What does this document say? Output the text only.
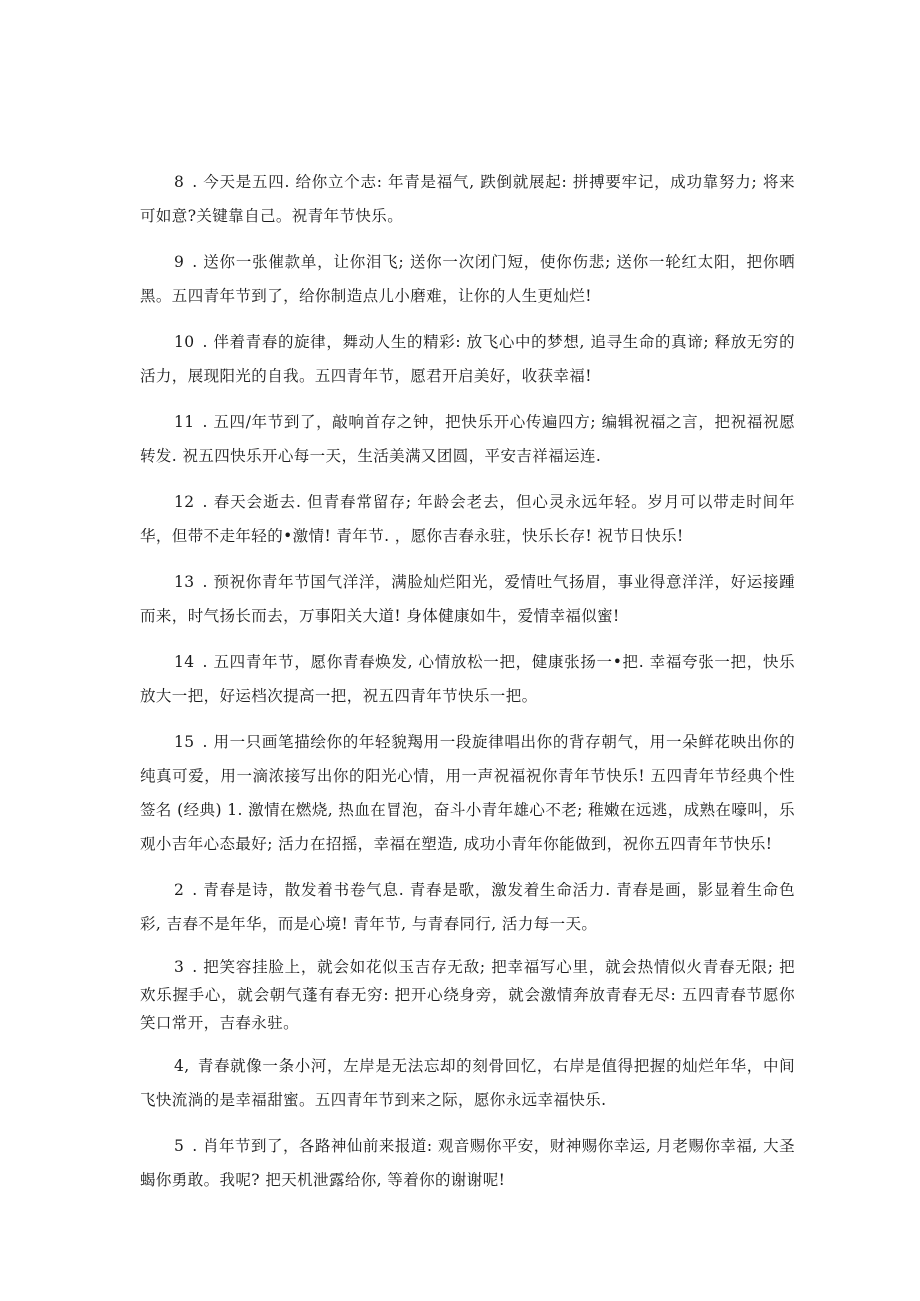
8 . 今天是五四. 给你立个志: 年青是福气, 跌倒就展起: 拼搏要牢记，成功靠努力; 将来可如意?关键靠自己。祝青年节快乐。

9 . 送你一张催款单，让你泪飞; 送你一次闭门短，使你伤悲; 送你一轮红太阳，把你晒黑。五四青年节到了，给你制造点儿小磨难，让你的人生更灿烂!

10 . 伴着青春的旋律，舞动人生的精彩: 放飞心中的梦想, 追寻生命的真谛; 释放无穷的活力，展现阳光的自我。五四青年节，愿君开启美好，收获幸福!

11 . 五四/年节到了，敲响首存之钟，把快乐开心传遍四方; 编辑祝福之言，把祝福祝愿转发. 祝五四快乐开心每一天，生活美满又团圆，平安吉祥福运连.

12 . 春天会逝去. 但青春常留存; 年龄会老去，但心灵永远年轻。岁月可以带走时间年华，但带不走年轻的•激情! 青年节. ，愿你吉春永驻，快乐长存! 祝节日快乐!

13 . 预祝你青年节国气洋洋，满脸灿烂阳光，爱情吐气扬眉，事业得意洋洋，好运接踵而来，时气扬长而去，万事阳关大道! 身体健康如牛，爱情幸福似蜜!

14 . 五四青年节，愿你青春焕发, 心情放松一把，健康张扬一•把. 幸福夸张一把，快乐放大一把，好运档次提高一把，祝五四青年节快乐一把。

15 . 用一只画笔描绘你的年轻貌羯用一段旋律唱出你的背存朝气，用一朵鲜花映出你的纯真可爱，用一滴浓接写出你的阳光心情，用一声祝福祝你青年节快乐! 五四青年节经典个性签名 (经典) 1. 激情在燃烧, 热血在冒泡，奋斗小青年雄心不老; 稚嫩在远逃，成熟在嚎叫，乐观小吉年心态最好; 活力在招摇，幸福在塑造, 成功小青年你能做到，祝你五四青年节快乐!

2 . 青春是诗，散发着书卷气息. 青春是歌，激发着生命活力. 青春是画，影显着生命色彩, 吉春不是年华，而是心境! 青年节, 与青春同行, 活力每一天。

3 . 把笑容挂脸上，就会如花似玉吉存无敌; 把幸福写心里，就会热情似火青春无限; 把欢乐握手心，就会朝气蓬有春无穷: 把开心绕身旁，就会激情奔放青春无尽: 五四青春节愿你笑口常开，吉春永驻。

4, 青春就像一条小河，左岸是无法忘却的刻骨回忆，右岸是值得把握的灿烂年华，中间飞快流淌的是幸福甜蜜。五四青年节到来之际，愿你永远幸福快乐.

5 . 肖年节到了，各路神仙前来报道: 观音赐你平安，财神赐你幸运, 月老赐你幸福, 大圣蝎你勇敢。我呢? 把天机泄露给你, 等着你的谢谢呢!
